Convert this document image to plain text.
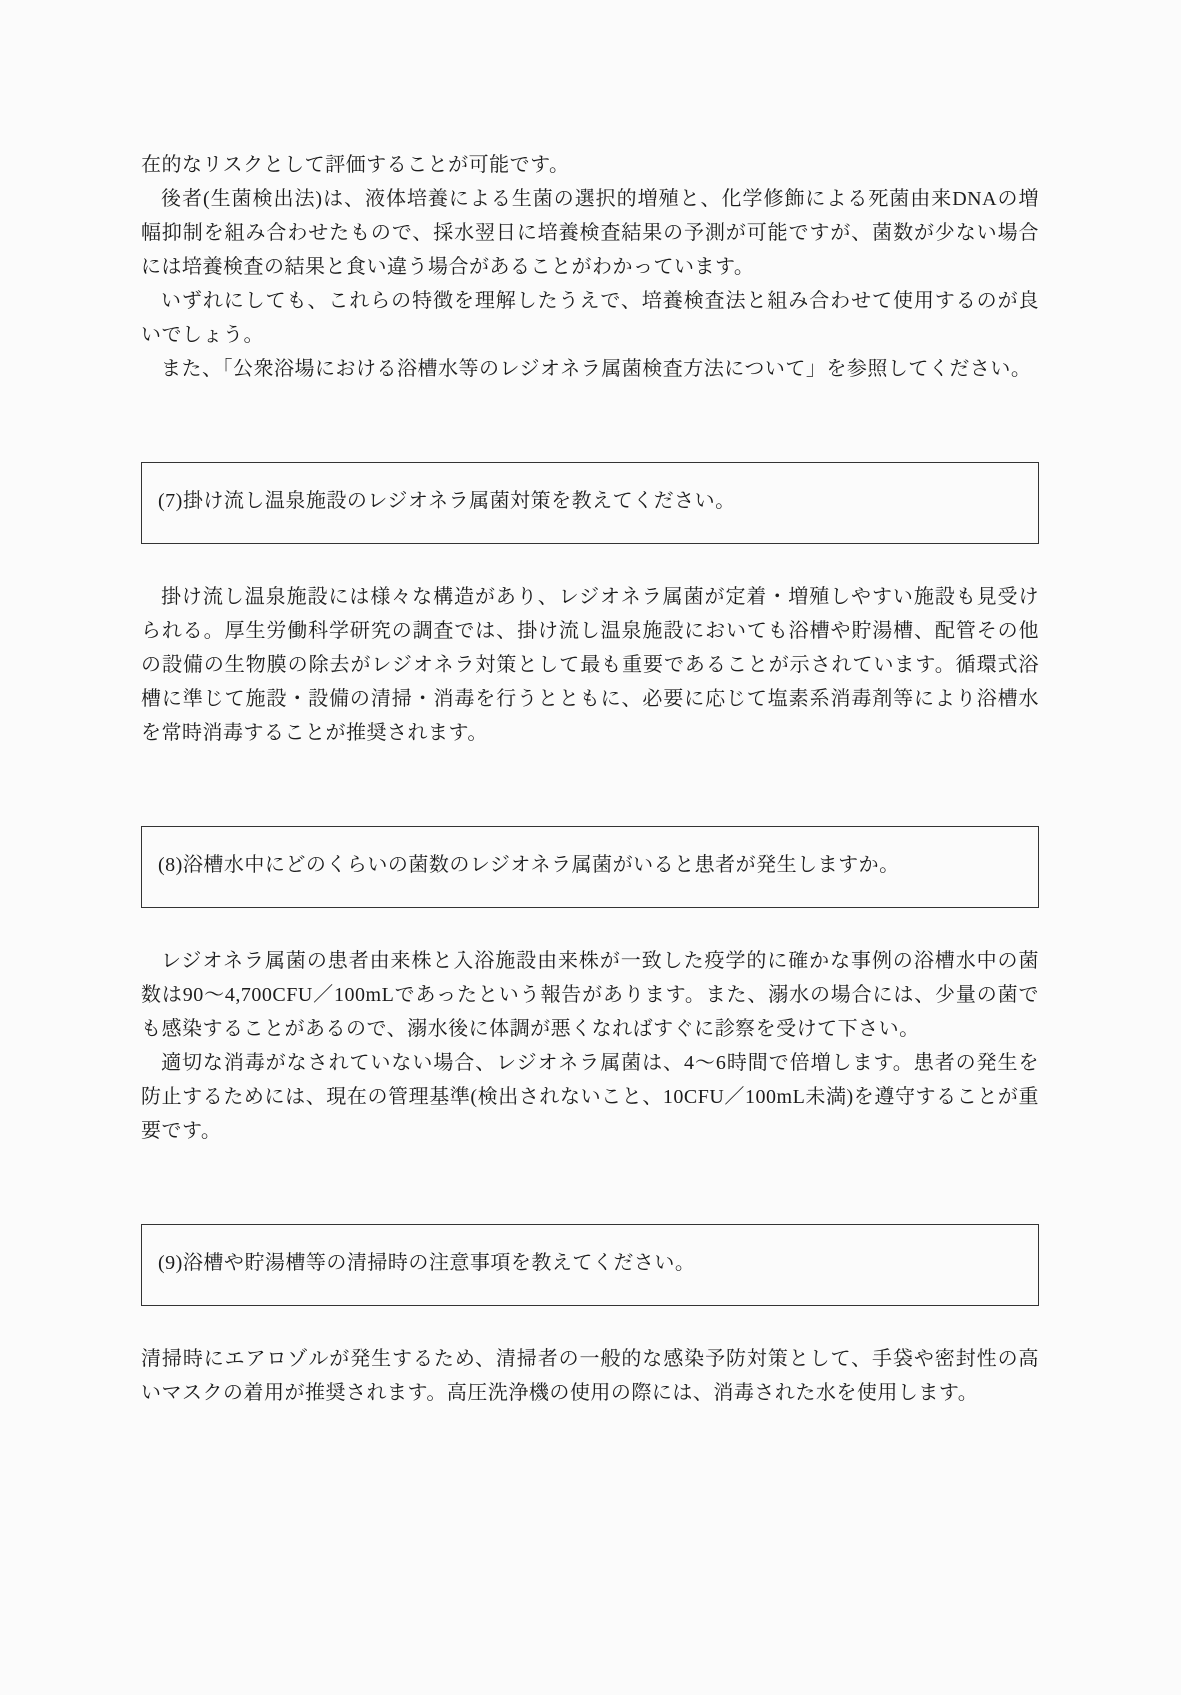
在的なリスクとして評価することが可能です。

後者(生菌検出法)は、液体培養による生菌の選択的増殖と、化学修飾による死菌由来DNAの増幅抑制を組み合わせたもので、採水翌日に培養検査結果の予測が可能ですが、菌数が少ない場合には培養検査の結果と食い違う場合があることがわかっています。

いずれにしても、これらの特徴を理解したうえで、培養検査法と組み合わせて使用するのが良いでしょう。

また、「公衆浴場における浴槽水等のレジオネラ属菌検査方法について」を参照してください。

(7)掛け流し温泉施設のレジオネラ属菌対策を教えてください。

掛け流し温泉施設には様々な構造があり、レジオネラ属菌が定着・増殖しやすい施設も見受けられる。厚生労働科学研究の調査では、掛け流し温泉施設においても浴槽や貯湯槽、配管その他の設備の生物膜の除去がレジオネラ対策として最も重要であることが示されています。循環式浴槽に準じて施設・設備の清掃・消毒を行うとともに、必要に応じて塩素系消毒剤等により浴槽水を常時消毒することが推奨されます。

(8)浴槽水中にどのくらいの菌数のレジオネラ属菌がいると患者が発生しますか。

レジオネラ属菌の患者由来株と入浴施設由来株が一致した疫学的に確かな事例の浴槽水中の菌数は90～4,700CFU／100mLであったという報告があります。また、溺水の場合には、少量の菌でも感染することがあるので、溺水後に体調が悪くなればすぐに診察を受けて下さい。

適切な消毒がなされていない場合、レジオネラ属菌は、4～6時間で倍増します。患者の発生を防止するためには、現在の管理基準(検出されないこと、10CFU／100mL未満)を遵守することが重要です。

(9)浴槽や貯湯槽等の清掃時の注意事項を教えてください。

清掃時にエアロゾルが発生するため、清掃者の一般的な感染予防対策として、手袋や密封性の高いマスクの着用が推奨されます。高圧洗浄機の使用の際には、消毒された水を使用します。
